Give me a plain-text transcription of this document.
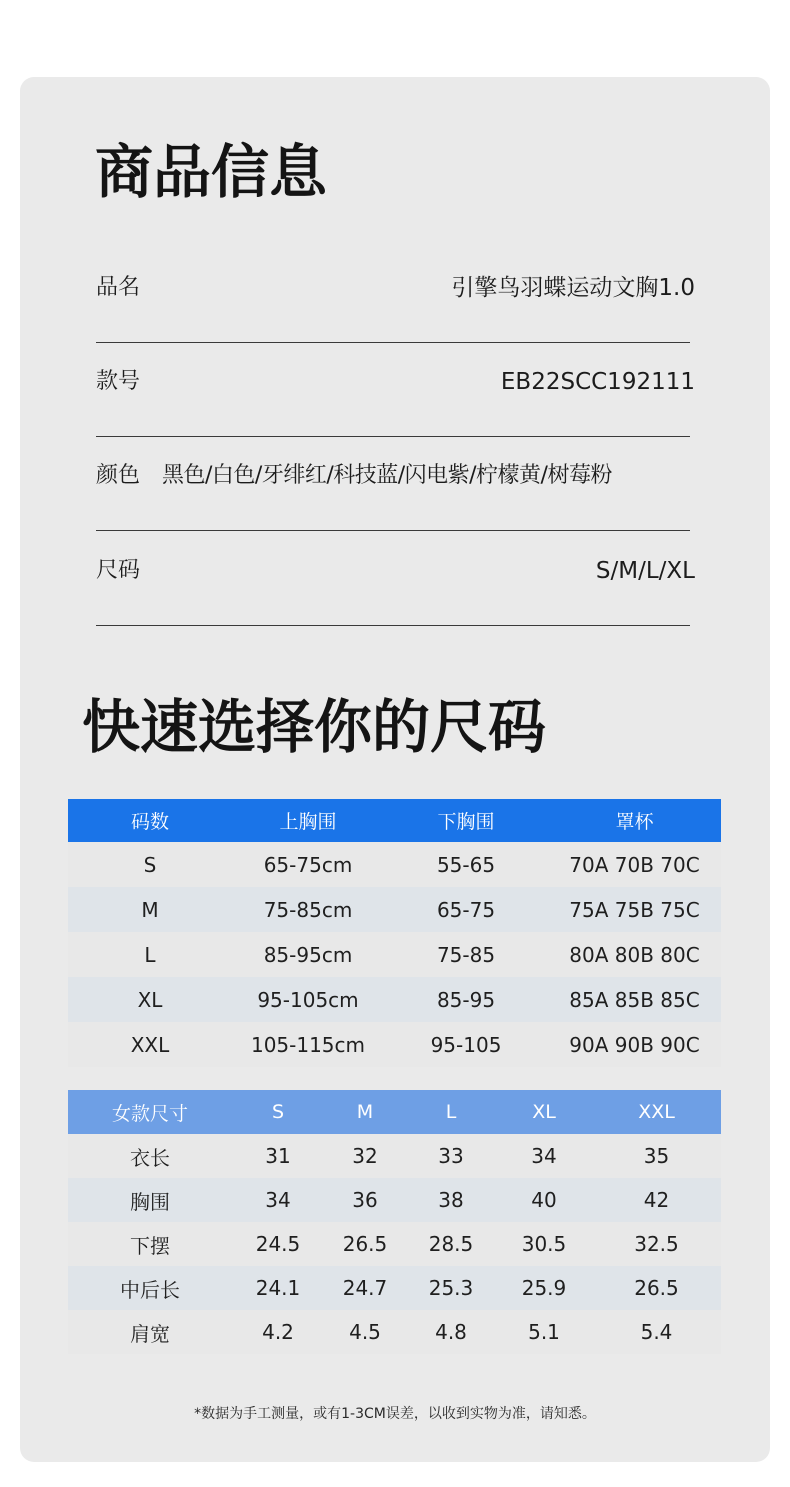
商品信息
品名	引擎鸟羽蝶运动文胸1.0
款号	EB22SCC192111
颜色 黑色/白色/牙绯红/科技蓝/闪电紫/柠檬黄/树莓粉
尺码	S/M/L/XL
快速选择你的尺码
码数	上胸围	下胸围	罩杯
S	65-75cm	55-65	70A 70B 70C
M	75-85cm	65-75	75A 75B 75C
L	85-95cm	75-85	80A 80B 80C
XL	95-105cm	85-95	85A 85B 85C
XXL	105-115cm	95-105	90A 90B 90C
女款尺寸	S	M	L	XL	XXL
衣长	31	32	33	34	35
胸围	34	36	38	40	42
下摆	24.5	26.5	28.5	30.5	32.5
中后长	24.1	24.7	25.3	25.9	26.5
肩宽	4.2	4.5	4.8	5.1	5.4
*数据为手工测量，或有1-3CM误差，以收到实物为准，请知悉。
